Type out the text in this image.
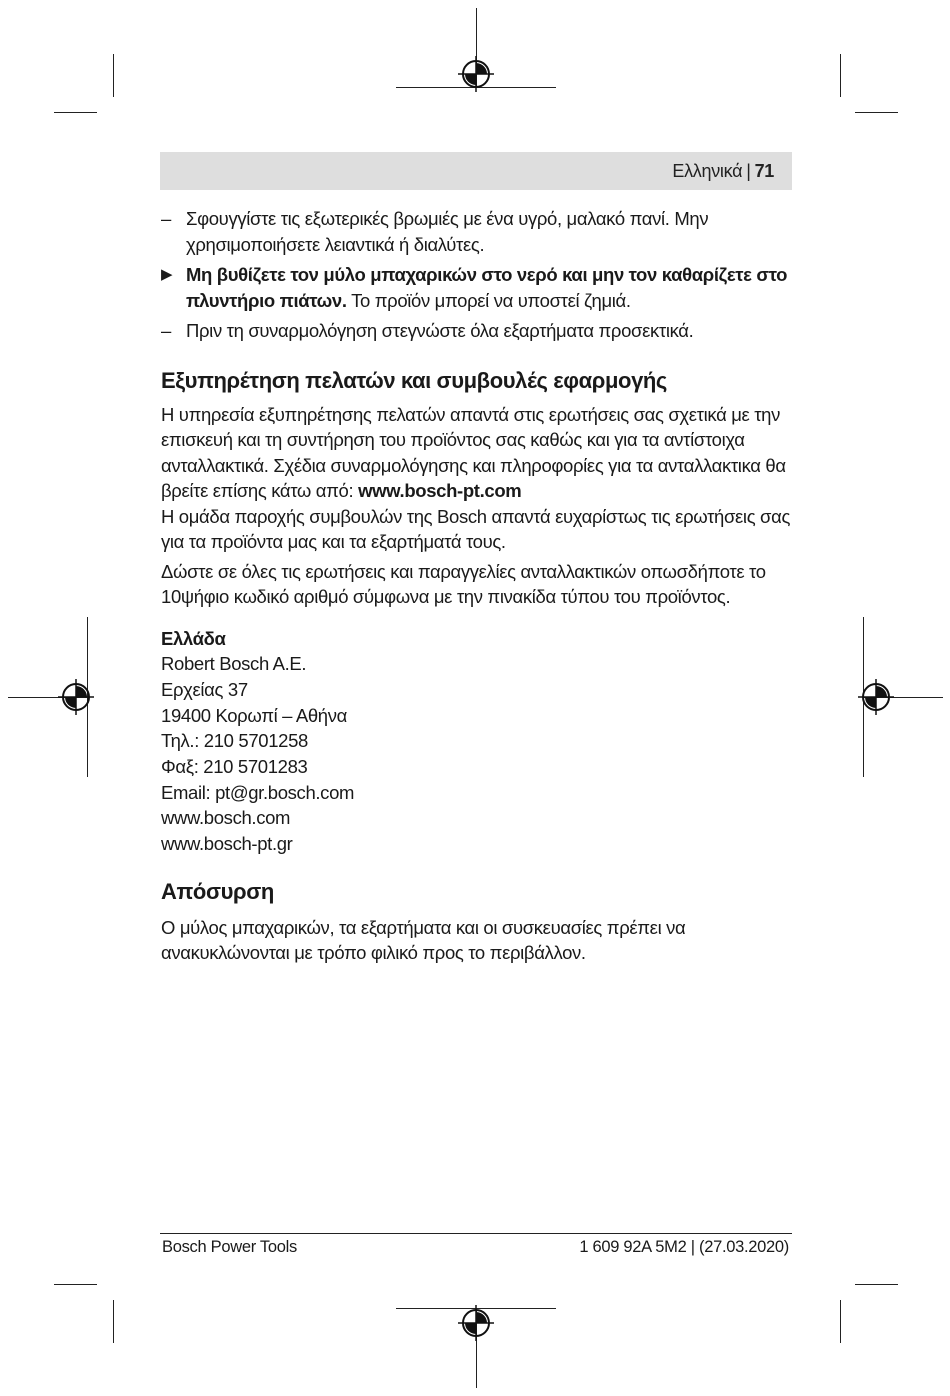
Ελληνικά | 71
– Σφουγγίστε τις εξωτερικές βρωμιές με ένα υγρό, μαλακό πανί. Μην χρησιμοποιήσετε λειαντικά ή διαλύτες.
▶ Μη βυθίζετε τον μύλο μπαχαρικών στο νερό και μην τον καθαρίζετε στο πλυντήριο πιάτων. Το προϊόν μπορεί να υποστεί ζημιά.
– Πριν τη συναρμολόγηση στεγνώστε όλα εξαρτήματα προσεκτικά.
Εξυπηρέτηση πελατών και συμβουλές εφαρμογής

Η υπηρεσία εξυπηρέτησης πελατών απαντά στις ερωτήσεις σας σχετικά με την επισκευή και τη συντήρηση του προϊόντος σας καθώς και για τα αντίστοιχα ανταλλακτικά. Σχέδια συναρμολόγησης και πληροφορίες για τα ανταλλακτικα θα βρείτε επίσης κάτω από: www.bosch-pt.com

Η ομάδα παροχής συμβουλών της Bosch απαντά ευχαρίστως τις ερωτήσεις σας για τα προϊόντα μας και τα εξαρτήματά τους.

Δώστε σε όλες τις ερωτήσεις και παραγγελίες ανταλλακτικών οπωσδήποτε το 10ψήφιο κωδικό αριθμό σύμφωνα με την πινακίδα τύπου του προϊόντος.

Ελλάδα
Robert Bosch A.E.
Ερχείας 37
19400 Κορωπί – Αθήνα
Τηλ.: 210 5701258
Φαξ: 210 5701283
Email: pt@gr.bosch.com
www.bosch.com
www.bosch-pt.gr
Απόσυρση

Ο μύλος μπαχαρικών, τα εξαρτήματα και οι συσκευασίες πρέπει να ανακυκλώνονται με τρόπο φιλικό προς το περιβάλλον.

Bosch Power Tools	1 609 92A 5M2 | (27.03.2020)
